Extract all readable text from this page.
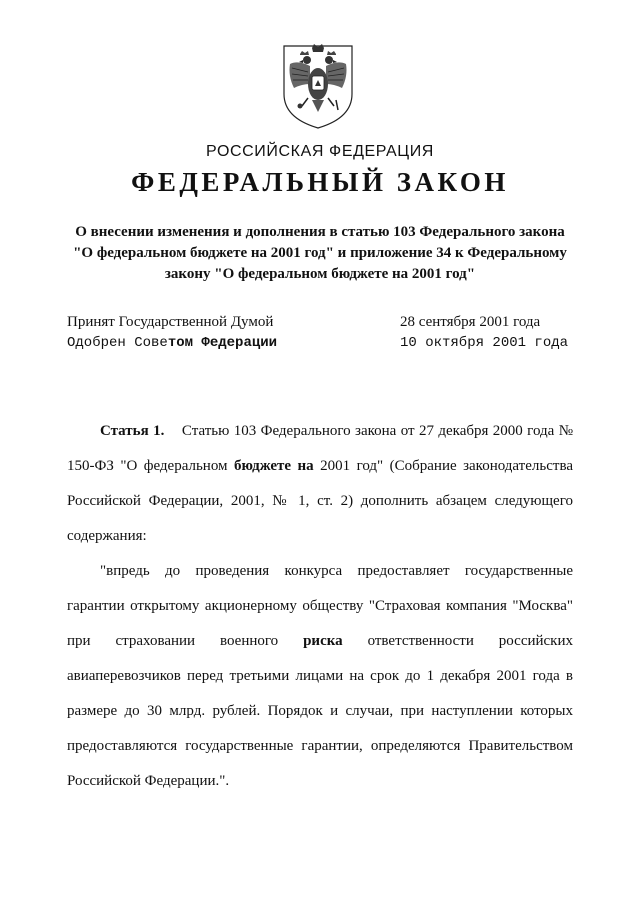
РОССИЙСКАЯ ФЕДЕРАЦИЯ
ФЕДЕРАЛЬНЫЙ ЗАКОН
О внесении изменения и дополнения в статью 103 Федерального закона
"О федеральном бюджете на 2001 год" и приложение 34 к Федеральному
закону "О федеральном бюджете на 2001 год"
Принят Государственной Думой	28 сентября 2001 года
Одобрен Советом Федерации	10 октября 2001 года

Статья 1. Статью 103 Федерального закона от 27 декабря 2000 года № 150-ФЗ "О федеральном бюджете на 2001 год" (Собрание законодательства Российской Федерации, 2001, № 1, ст. 2) дополнить абзацем следующего содержания:

"впредь до проведения конкурса предоставляет государственные гарантии открытому акционерному обществу "Страховая компания "Москва" при страховании военного риска ответственности российских авиаперевозчиков перед третьими лицами на срок до 1 декабря 2001 года в размере до 30 млрд. рублей. Порядок и случаи, при наступлении которых предоставляются государственные гарантии, определяются Правительством Российской Федерации.".
